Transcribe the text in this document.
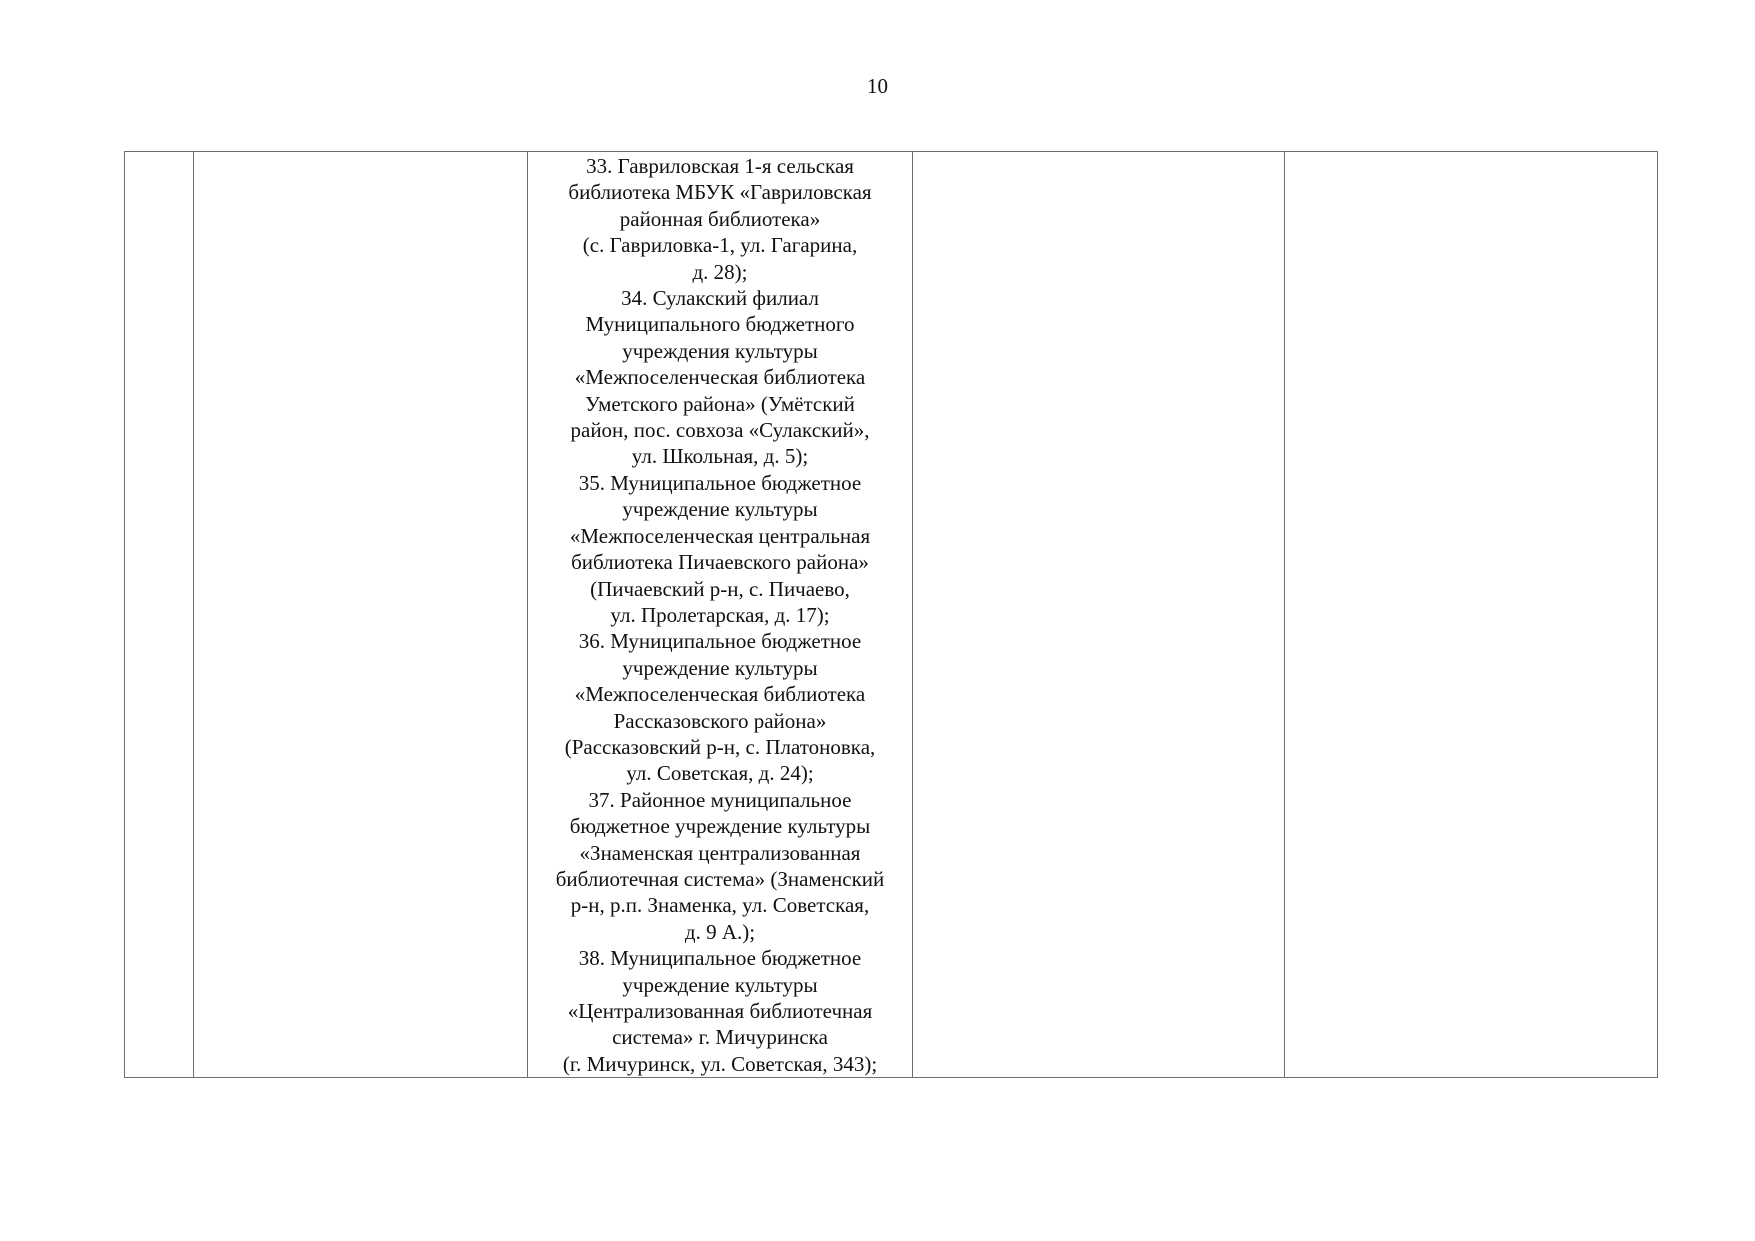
10

33. Гавриловская 1-я сельская
библиотека МБУК «Гавриловская
районная библиотека»
(с. Гавриловка-1, ул. Гагарина,
д. 28);

34. Сулакский филиал
Муниципального бюджетного
учреждения культуры
«Межпоселенческая библиотека
Уметского района» (Умётский
район, пос. совхоза «Сулакский»,
ул. Школьная, д. 5);

35. Муниципальное бюджетное
учреждение культуры
«Межпоселенческая центральная
библиотека Пичаевского района»
(Пичаевский р-н, с. Пичаево,
ул. Пролетарская, д. 17);

36. Муниципальное бюджетное
учреждение культуры
«Межпоселенческая библиотека
Рассказовского района»
(Рассказовский р-н, с. Платоновка,
ул. Советская, д. 24);

37. Районное муниципальное
бюджетное учреждение культуры
«Знаменская централизованная
библиотечная система» (Знаменский
р-н, р.п. Знаменка, ул. Советская,
д. 9 А.);

38. Муниципальное бюджетное
учреждение культуры
«Централизованная библиотечная
система» г. Мичуринска
(г. Мичуринск, ул. Советская, 343);
